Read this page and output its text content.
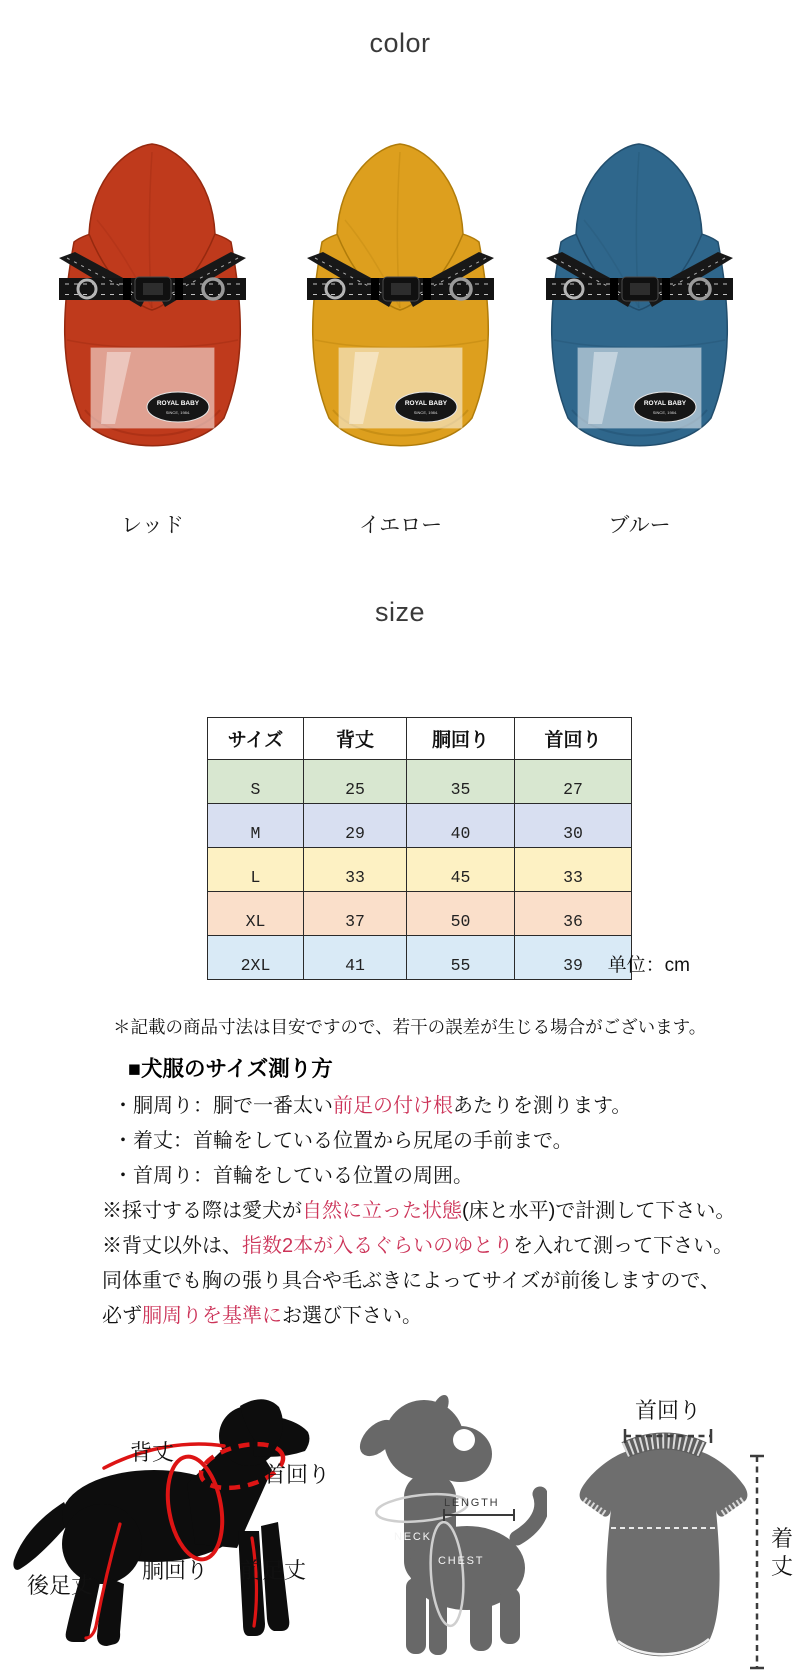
color
ROYAL BABY
SINCE, 1984.
レッド
ROYAL BABY
SINCE, 1984.
イエロー
ROYAL BABY
SINCE, 1984.
ブルー
size
サイズ	背丈	胴回り	首回り
S	25	35	27
M	29	40	30
L	33	45	33
XL	37	50	36
2XL	41	55	39	单位：cm

＊記載の商品寸法は目安ですので、若干の誤差が生じる場合がございます。

■犬服のサイズ測り方

・胴周り：胴で一番太い前足の付け根あたりを測ります。

・着丈：首輪をしている位置から尻尾の手前まで。

・首周り：首輪をしている位置の周囲。

※採寸する際は愛犬が自然に立った状態(床と水平)で計測して下さい。

※背丈以外は、指数2本が入るぐらいのゆとりを入れて測って下さい。

同体重でも胸の張り具合や毛ぶきによってサイズが前後しますので、

必ず胴周りを基準にお選び下さい。

背丈
首回り
胴回り 前足丈
後足丈
LENGTH
NECK
CHEST
首回り
着
丈
